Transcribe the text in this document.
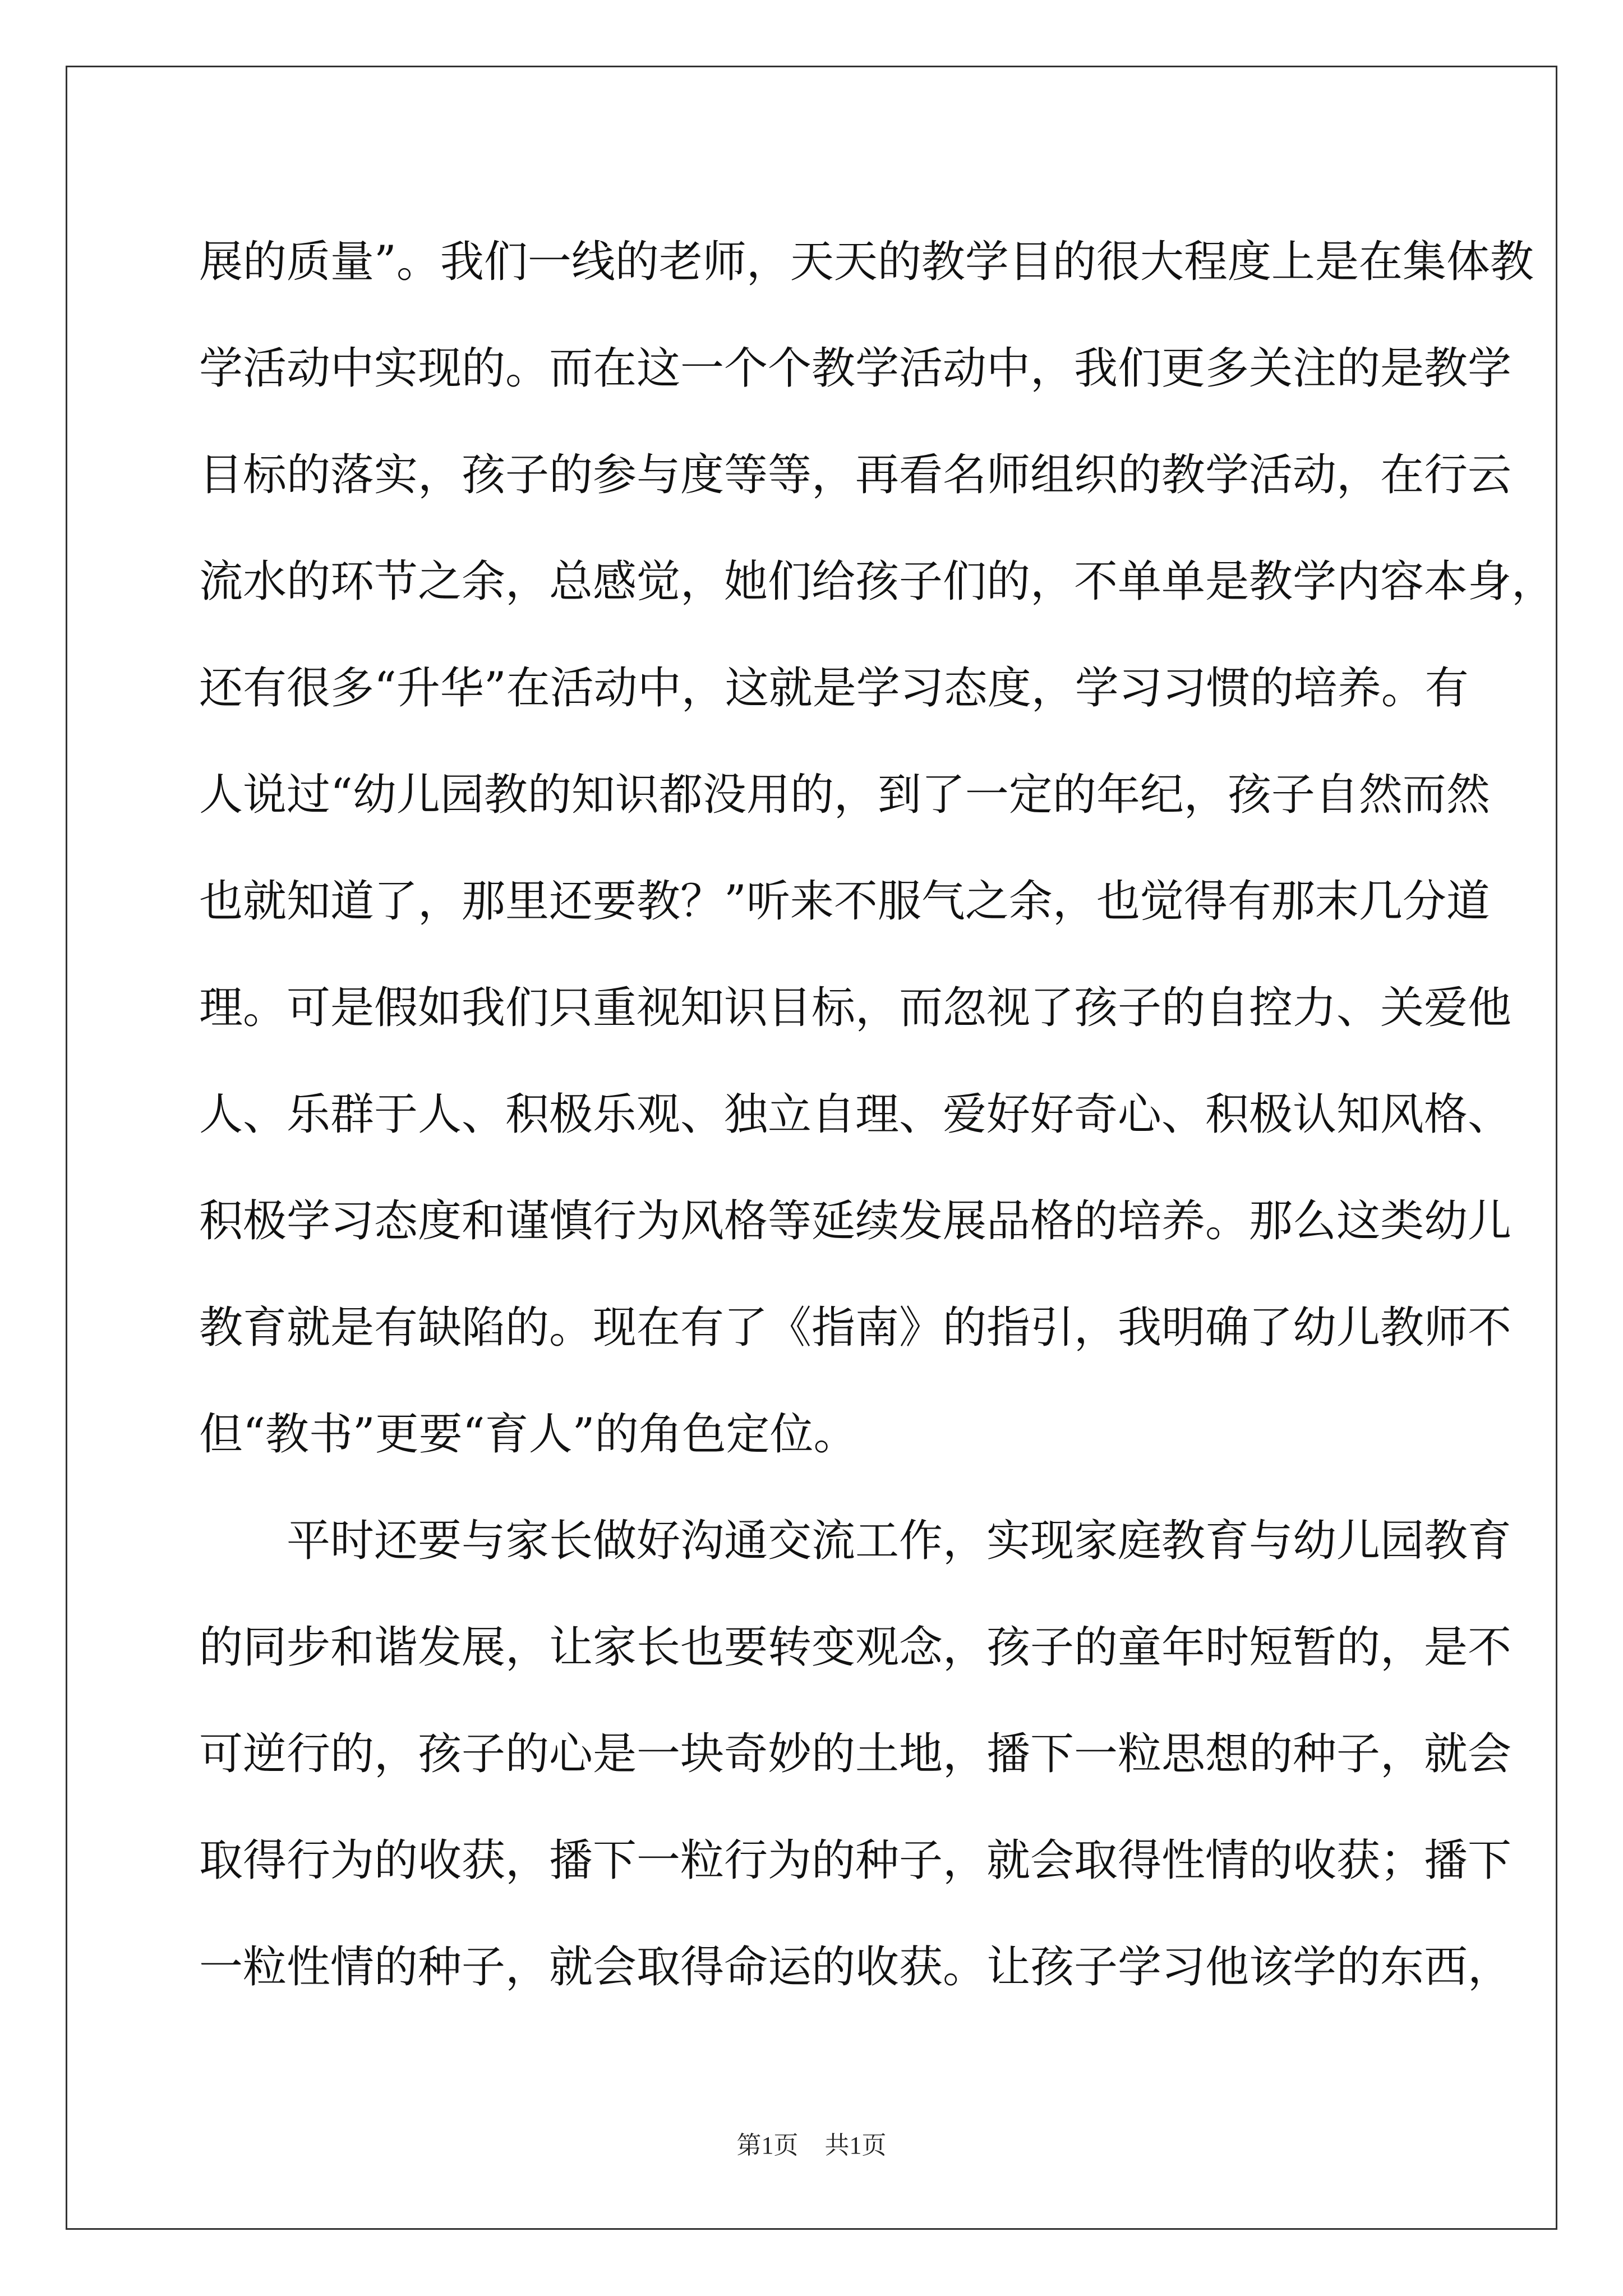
展的质量”。我们一线的老师，天天的教学目的很大程度上是在集体教
学活动中实现的。而在这一个个教学活动中，我们更多关注的是教学
目标的落实，孩子的参与度等等，再看名师组织的教学活动，在行云
流水的环节之余，总感觉，她们给孩子们的，不单单是教学内容本身，
还有很多“升华”在活动中，这就是学习态度，学习习惯的培养。有
人说过“幼儿园教的知识都没用的，到了一定的年纪，孩子自然而然
也就知道了，那里还要教？”听来不服气之余，也觉得有那末几分道
理。可是假如我们只重视知识目标，而忽视了孩子的自控力、关爱他
人、乐群于人、积极乐观、独立自理、爱好好奇心、积极认知风格、
积极学习态度和谨慎行为风格等延续发展品格的培养。那么这类幼儿
教育就是有缺陷的。现在有了《指南》的指引，我明确了幼儿教师不
但“教书”更要“育人”的角色定位。
平时还要与家长做好沟通交流工作，实现家庭教育与幼儿园教育
的同步和谐发展，让家长也要转变观念，孩子的童年时短暂的，是不
可逆行的，孩子的心是一块奇妙的土地，播下一粒思想的种子，就会
取得行为的收获，播下一粒行为的种子，就会取得性情的收获；播下
一粒性情的种子，就会取得命运的收获。让孩子学习他该学的东西，
第1页 共1页
